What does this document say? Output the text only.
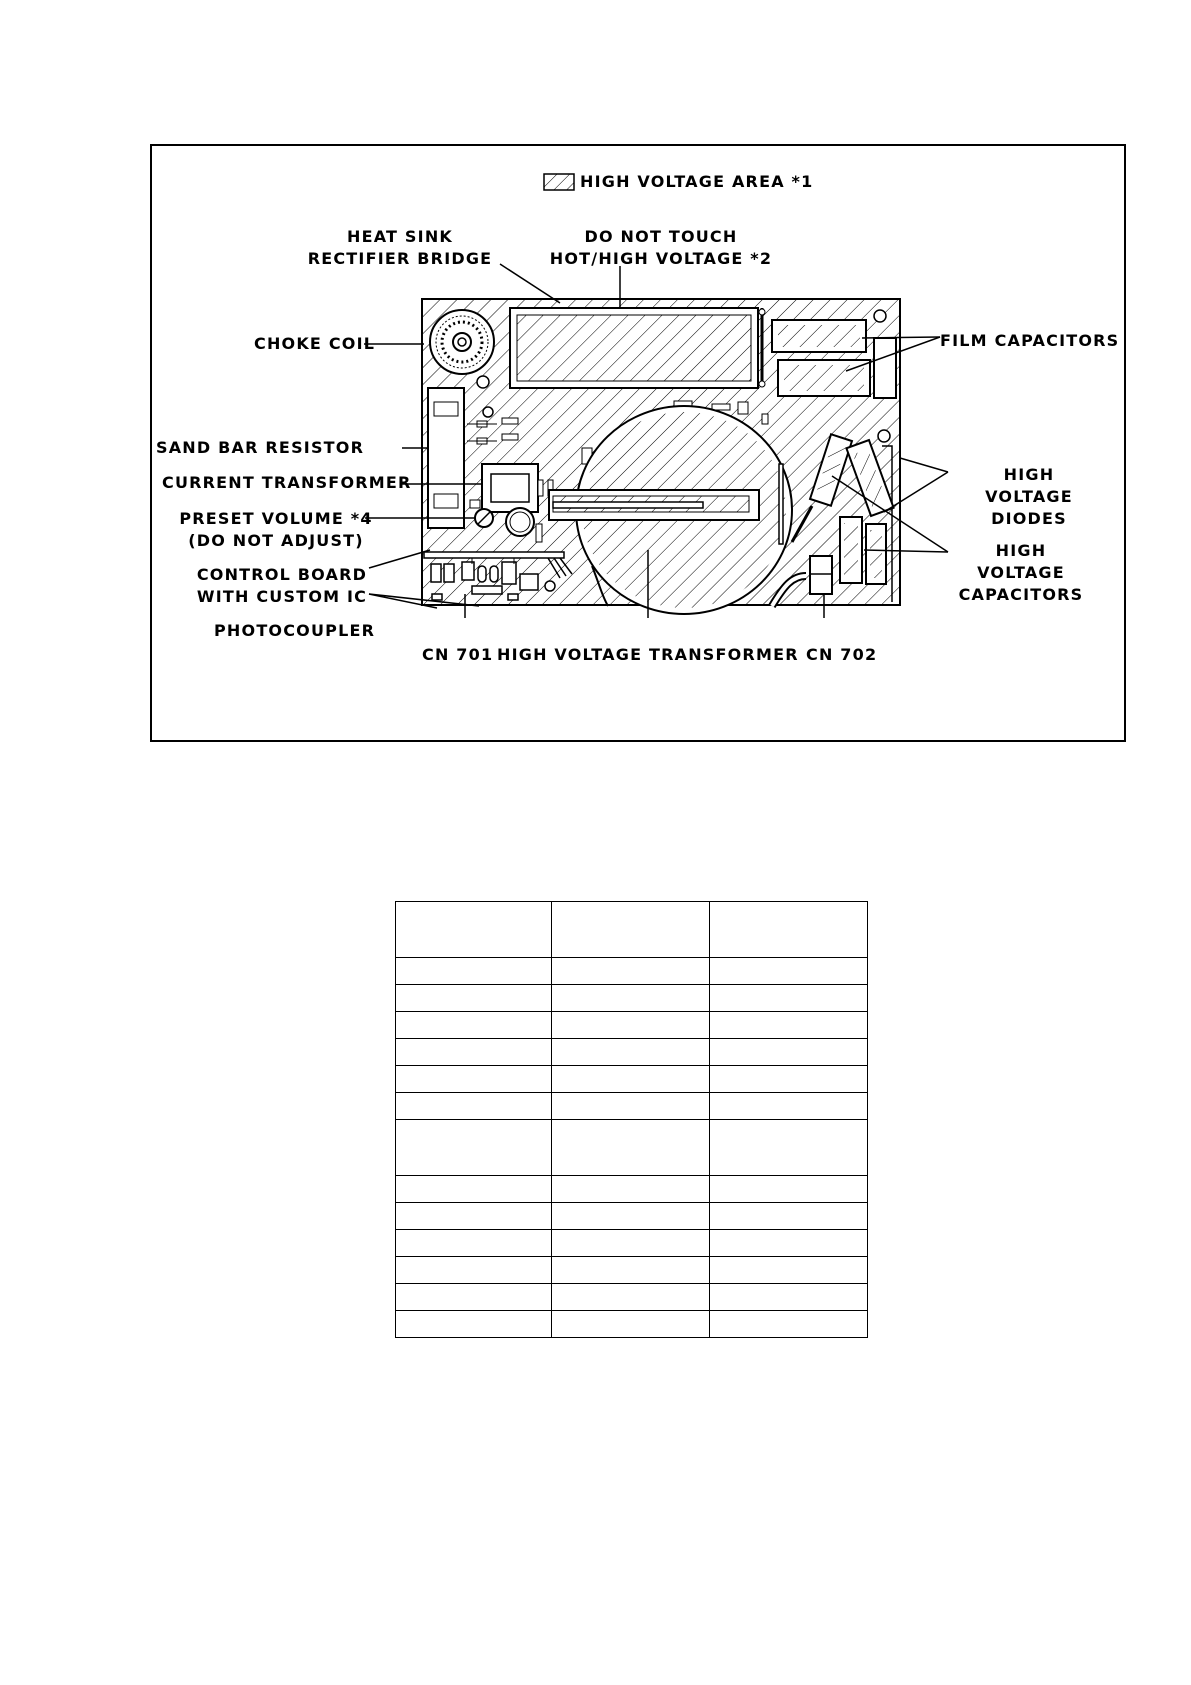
HIGH VOLTAGE AREA *1
HEAT SINK
RECTIFIER BRIDGE
DO NOT TOUCH
HOT/HIGH VOLTAGE *2
CHOKE COIL	FILM CAPACITORS
SAND BAR RESISTOR
CURRENT TRANSFORMER
PRESET VOLUME *4
(DO NOT ADJUST)
CONTROL BOARD
WITH CUSTOM IC
PHOTOCOUPLER
CN 701 HIGH VOLTAGE TRANSFORMER CN 702
HIGH VOLTAGE
DIODES
HIGH VOLTAGE
CAPACITORS
